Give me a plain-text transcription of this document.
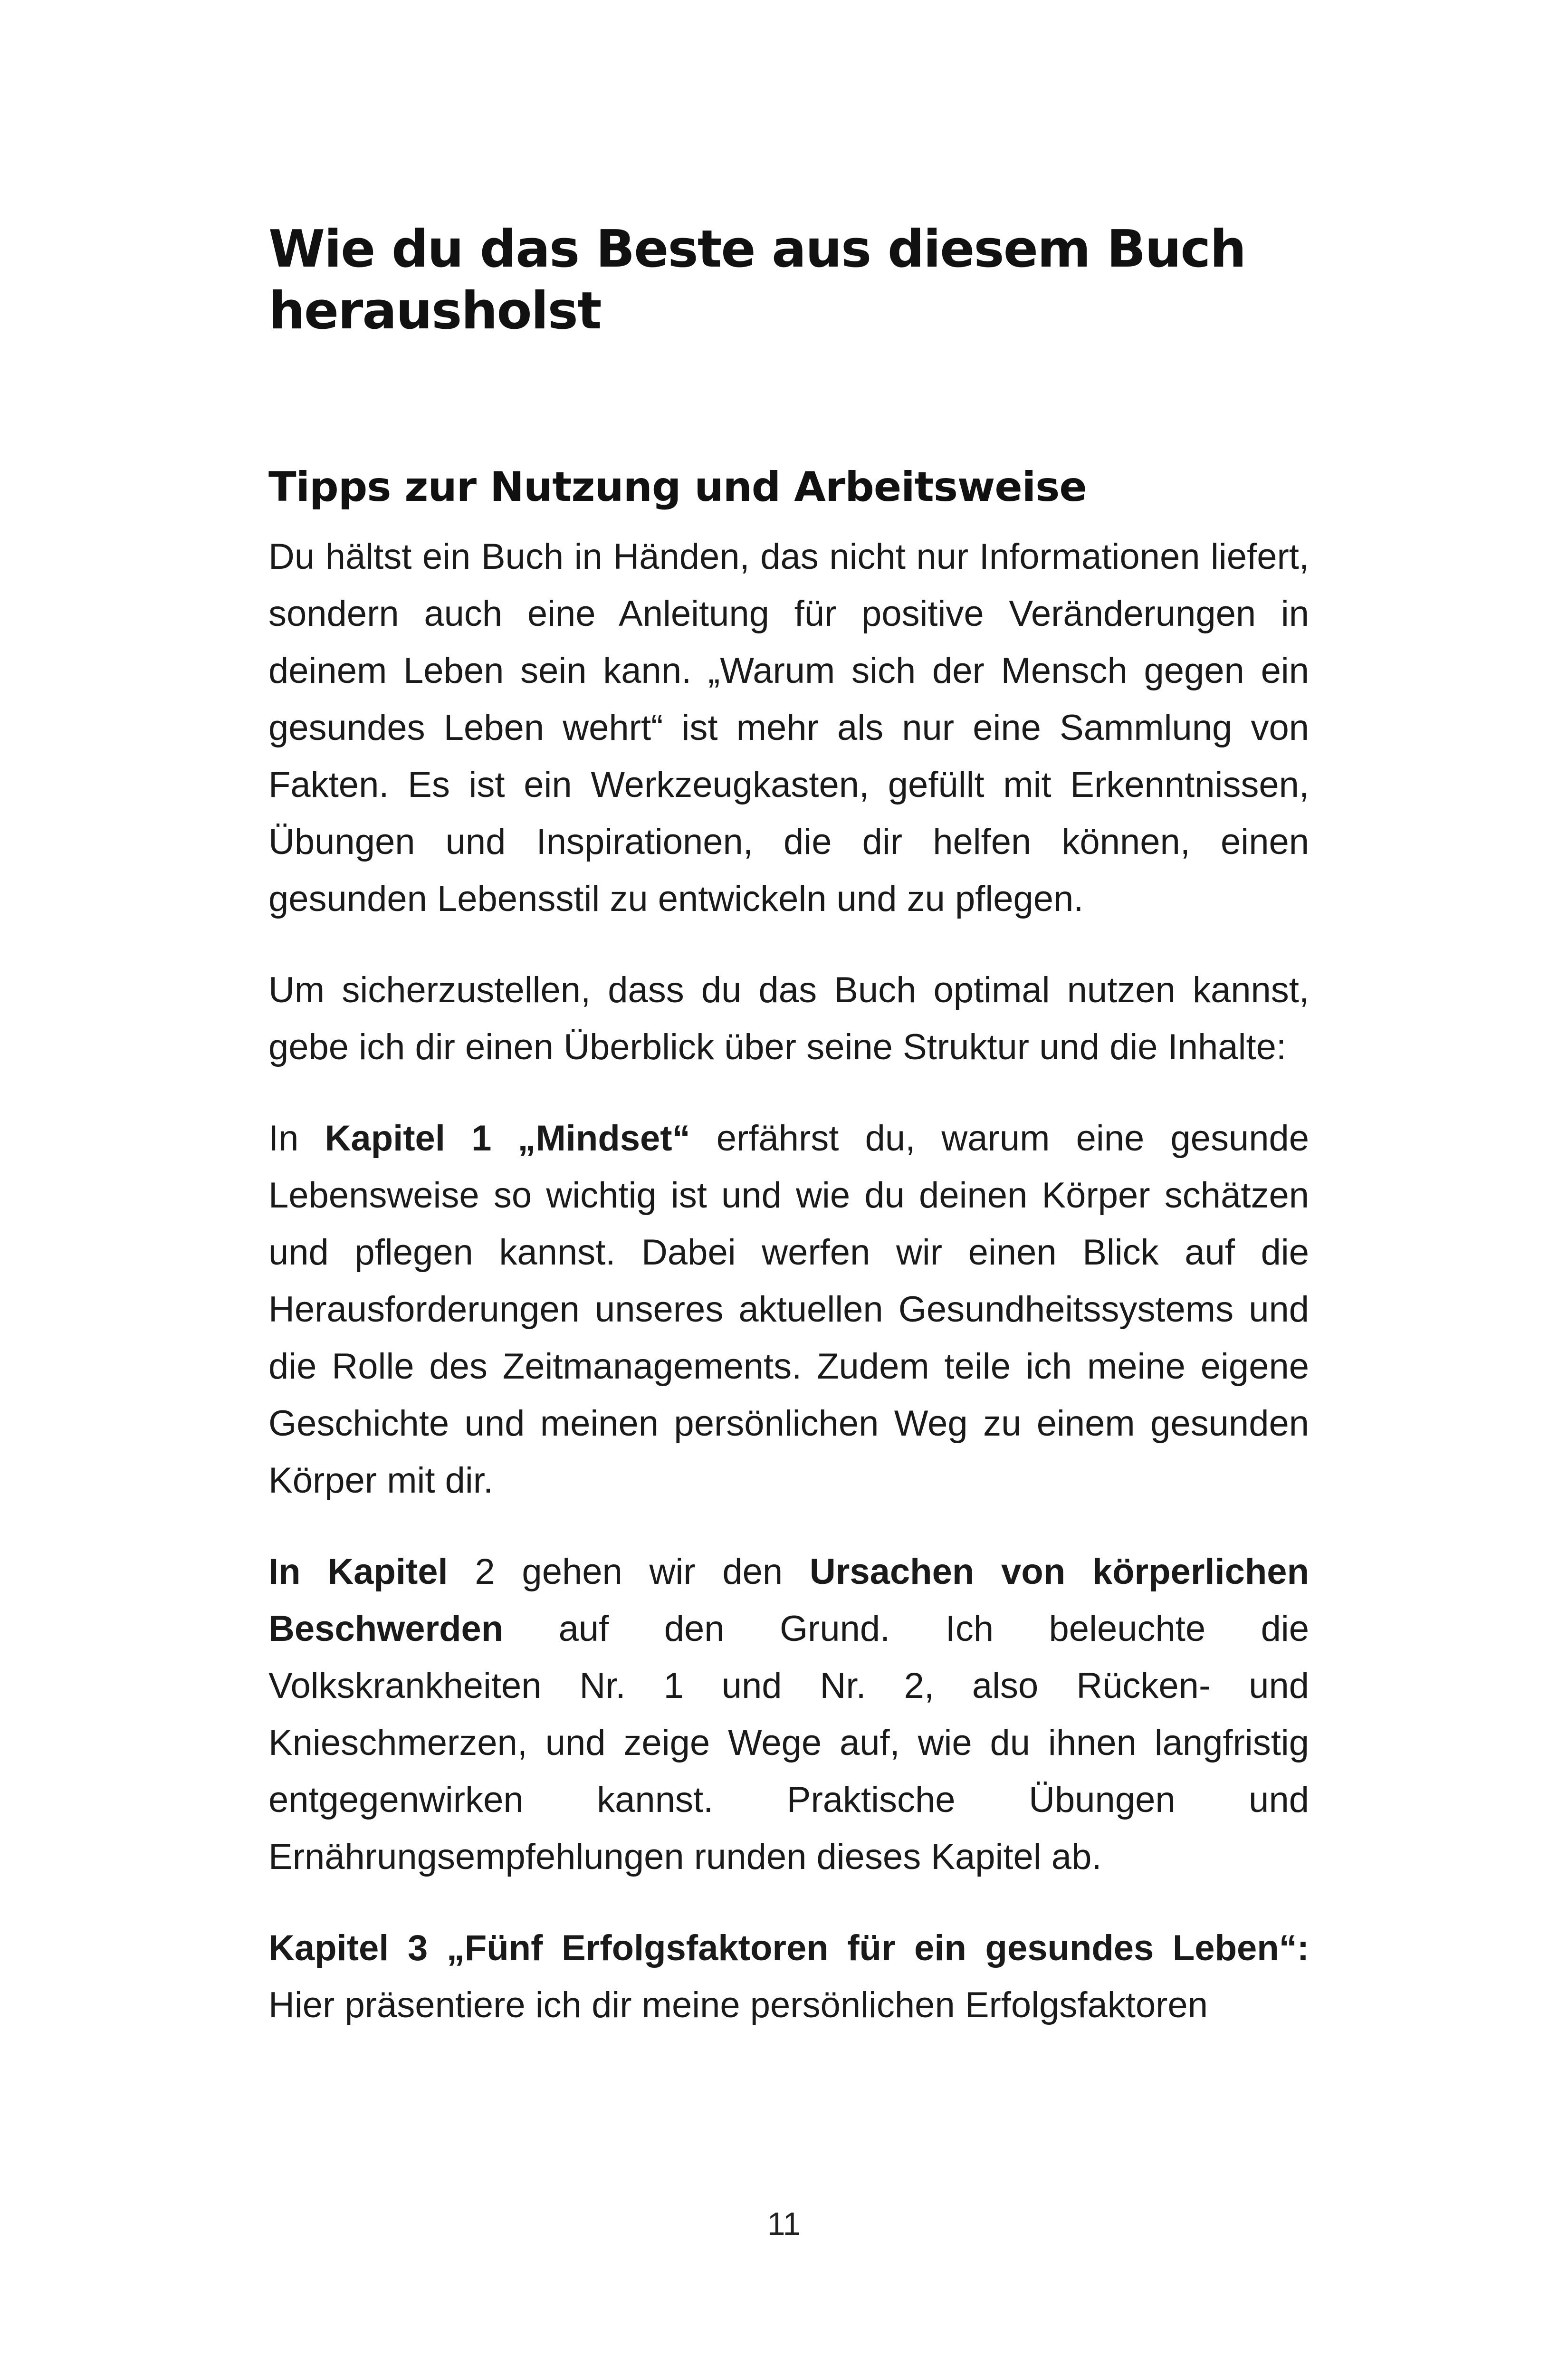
Wie du das Beste aus diesem Buch herausholst
Tipps zur Nutzung und Arbeitsweise

Du hältst ein Buch in Händen, das nicht nur Informationen liefert, sondern auch eine Anleitung für positive Veränderungen in deinem Leben sein kann. „Warum sich der Mensch gegen ein gesundes Leben wehrt“ ist mehr als nur eine Sammlung von Fakten. Es ist ein Werkzeugkasten, gefüllt mit Erkenntnissen, Übungen und Inspirationen, die dir helfen können, einen gesunden Lebensstil zu entwickeln und zu pflegen.

Um sicherzustellen, dass du das Buch optimal nutzen kannst, gebe ich dir einen Überblick über seine Struktur und die Inhalte:

In Kapitel 1 „Mindset“ erfährst du, warum eine gesunde Lebensweise so wichtig ist und wie du deinen Körper schätzen und pflegen kannst. Dabei werfen wir einen Blick auf die Herausforderungen unseres aktuellen Gesundheitssystems und die Rolle des Zeitmanagements. Zudem teile ich meine eigene Geschichte und meinen persönlichen Weg zu einem gesunden Körper mit dir.

In Kapitel 2 gehen wir den Ursachen von körperlichen Beschwerden auf den Grund. Ich beleuchte die Volkskrankheiten Nr. 1 und Nr. 2, also Rücken- und Knieschmerzen, und zeige Wege auf, wie du ihnen langfristig entgegenwirken kannst. Praktische Übungen und Ernährungsempfehlungen runden dieses Kapitel ab.

Kapitel 3 „Fünf Erfolgsfaktoren für ein gesundes Leben“: Hier präsentiere ich dir meine persönlichen Erfolgsfaktoren

11
